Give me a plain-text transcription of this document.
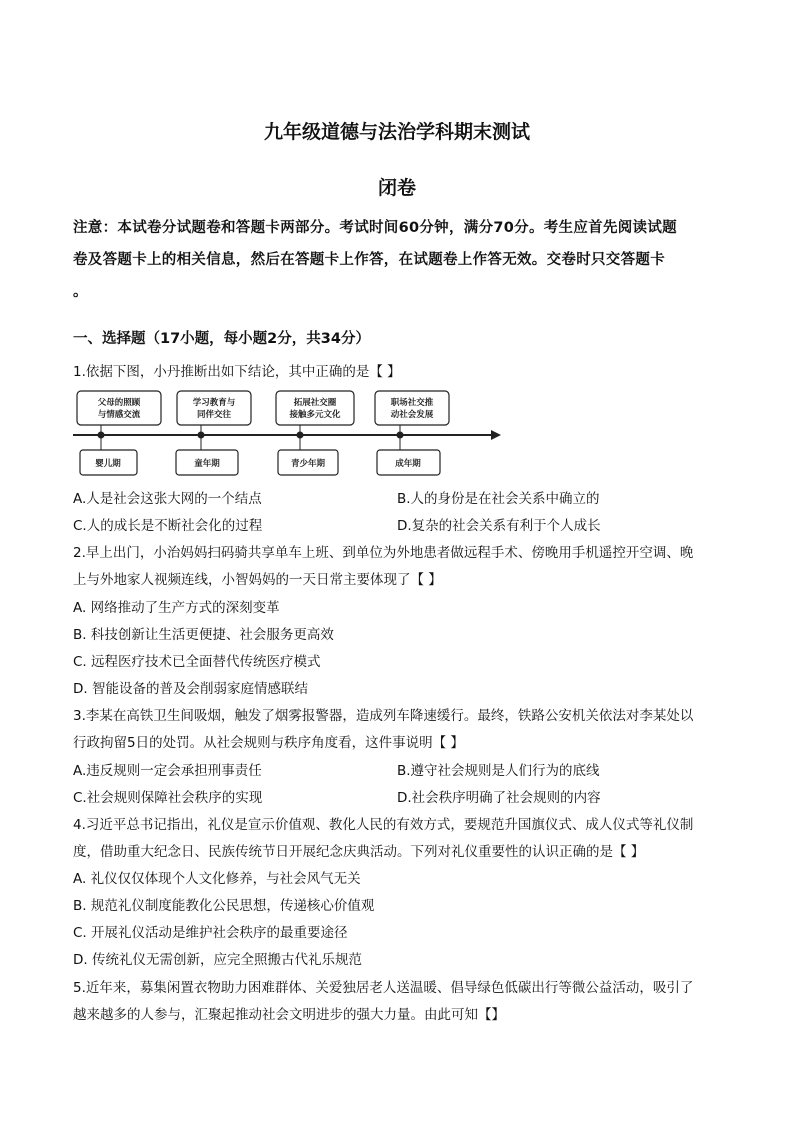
九年级道德与法治学科期末测试
闭卷
注意：本试卷分试题卷和答题卡两部分。考试时间60分钟，满分70分。考生应首先阅读试题
卷及答题卡上的相关信息，然后在答题卡上作答，在试题卷上作答无效。交卷时只交答题卡
。
一、选择题（17小题，每小题2分，共34分）
1.依据下图，小丹推断出如下结论，其中正确的是【 】
父母的照顾
与情感交流
学习教育与
同伴交往
拓展社交圈
接触多元文化
职场社交推
动社会发展
婴儿期	童年期	青少年期	成年期
A.人是社会这张大网的一个结点	B.人的身份是在社会关系中确立的
C.人的成长是不断社会化的过程	D.复杂的社会关系有利于个人成长
2.早上出门，小治妈妈扫码骑共享单车上班、到单位为外地患者做远程手术、傍晚用手机遥控开空调、晚
上与外地家人视频连线，小智妈妈的一天日常主要体现了【 】
A. 网络推动了生产方式的深刻变革
B. 科技创新让生活更便捷、社会服务更高效
C. 远程医疗技术已全面替代传统医疗模式
D. 智能设备的普及会削弱家庭情感联结
3.李某在高铁卫生间吸烟，触发了烟雾报警器，造成列车降速缓行。最终，铁路公安机关依法对李某处以
行政拘留5日的处罚。从社会规则与秩序角度看，这件事说明【 】
A.违反规则一定会承担刑事责任	B.遵守社会规则是人们行为的底线
C.社会规则保障社会秩序的实现	D.社会秩序明确了社会规则的内容
4.习近平总书记指出，礼仪是宣示价值观、教化人民的有效方式，要规范升国旗仪式、成人仪式等礼仪制
度，借助重大纪念日、民族传统节日开展纪念庆典活动。下列对礼仪重要性的认识正确的是【 】
A. 礼仪仅仅体现个人文化修养，与社会风气无关
B. 规范礼仪制度能教化公民思想，传递核心价值观
C. 开展礼仪活动是维护社会秩序的最重要途径
D. 传统礼仪无需创新，应完全照搬古代礼乐规范
5.近年来，募集闲置衣物助力困难群体、关爱独居老人送温暖、倡导绿色低碳出行等微公益活动，吸引了
越来越多的人参与，汇聚起推动社会文明进步的强大力量。由此可知【】
